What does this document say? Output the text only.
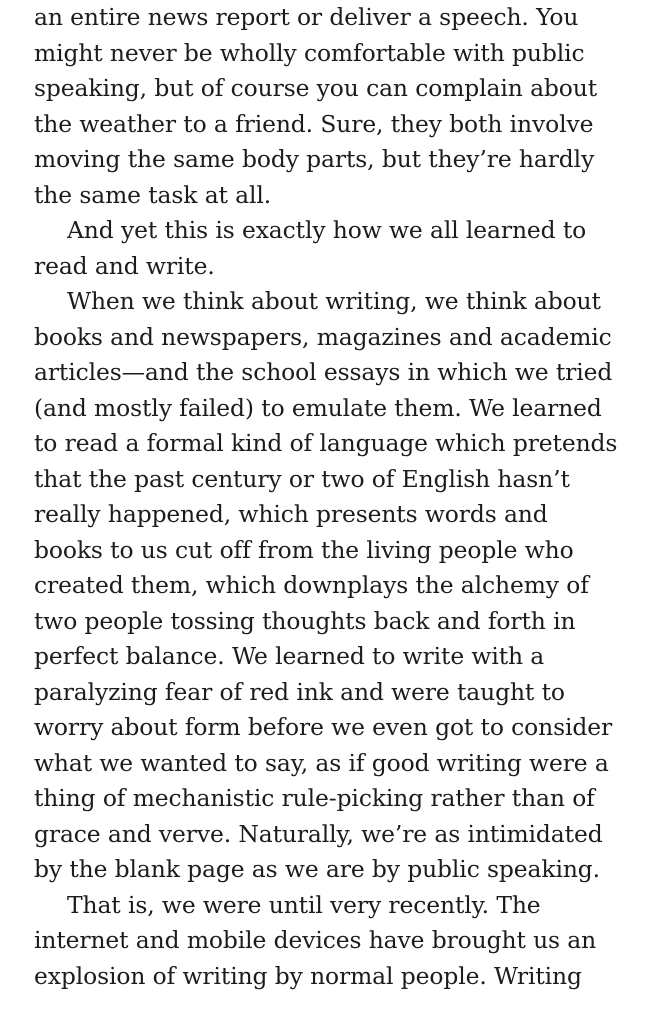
an entire news report or deliver a speech. You
might never be wholly comfortable with public
speaking, but of course you can complain about
the weather to a friend. Sure, they both involve
moving the same body parts, but they’re hardly
the same task at all.
And yet this is exactly how we all learned to
read and write.
When we think about writing, we think about
books and newspapers, magazines and academic
articles—and the school essays in which we tried
(and mostly failed) to emulate them. We learned
to read a formal kind of language which pretends
that the past century or two of English hasn’t
really happened, which presents words and
books to us cut off from the living people who
created them, which downplays the alchemy of
two people tossing thoughts back and forth in
perfect balance. We learned to write with a
paralyzing fear of red ink and were taught to
worry about form before we even got to consider
what we wanted to say, as if good writing were a
thing of mechanistic rule-picking rather than of
grace and verve. Naturally, we’re as intimidated
by the blank page as we are by public speaking.
That is, we were until very recently. The
internet and mobile devices have brought us an
explosion of writing by normal people. Writing
